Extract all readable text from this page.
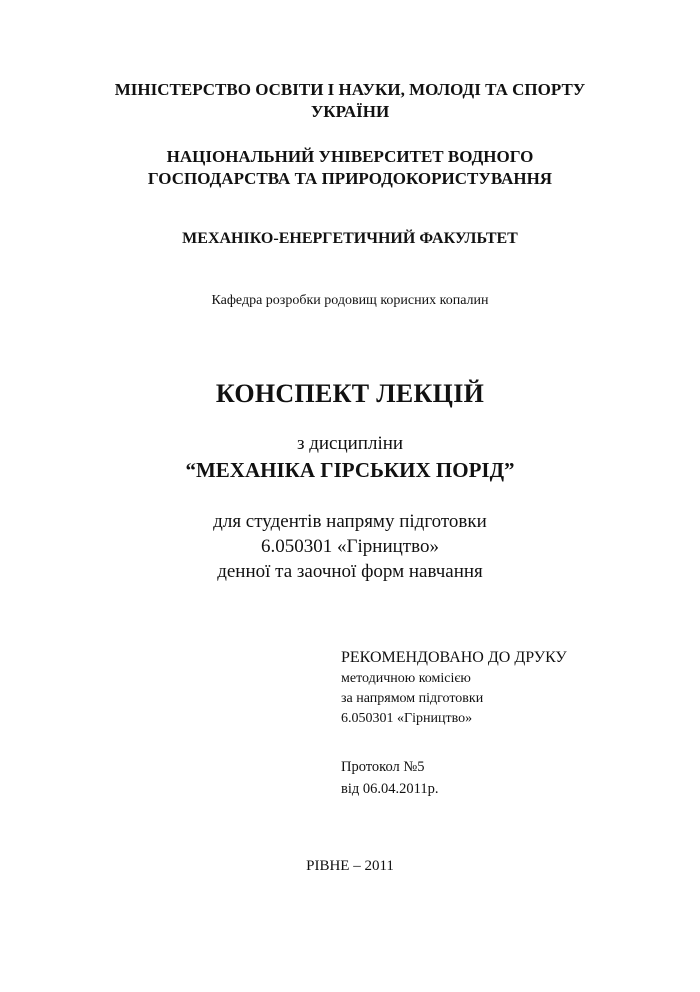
МІНІСТЕРСТВО ОСВІТИ І НАУКИ, МОЛОДІ ТА СПОРТУ
УКРАЇНИ
НАЦІОНАЛЬНИЙ УНІВЕРСИТЕТ ВОДНОГО
ГОСПОДАРСТВА ТА ПРИРОДОКОРИСТУВАННЯ
МЕХАНІКО-ЕНЕРГЕТИЧНИЙ ФАКУЛЬТЕТ
Кафедра розробки родовищ корисних копалин
КОНСПЕКТ ЛЕКЦІЙ
з дисципліни
“МЕХАНІКА ГІРСЬКИХ ПОРІД”
для студентів напряму підготовки
6.050301 «Гірництво»
денної та заочної форм навчання
РЕКОМЕНДОВАНО ДО ДРУКУ
методичною комісією
за напрямом підготовки
6.050301 «Гірництво»
Протокол №5
від 06.04.2011р.
РІВНЕ – 2011
